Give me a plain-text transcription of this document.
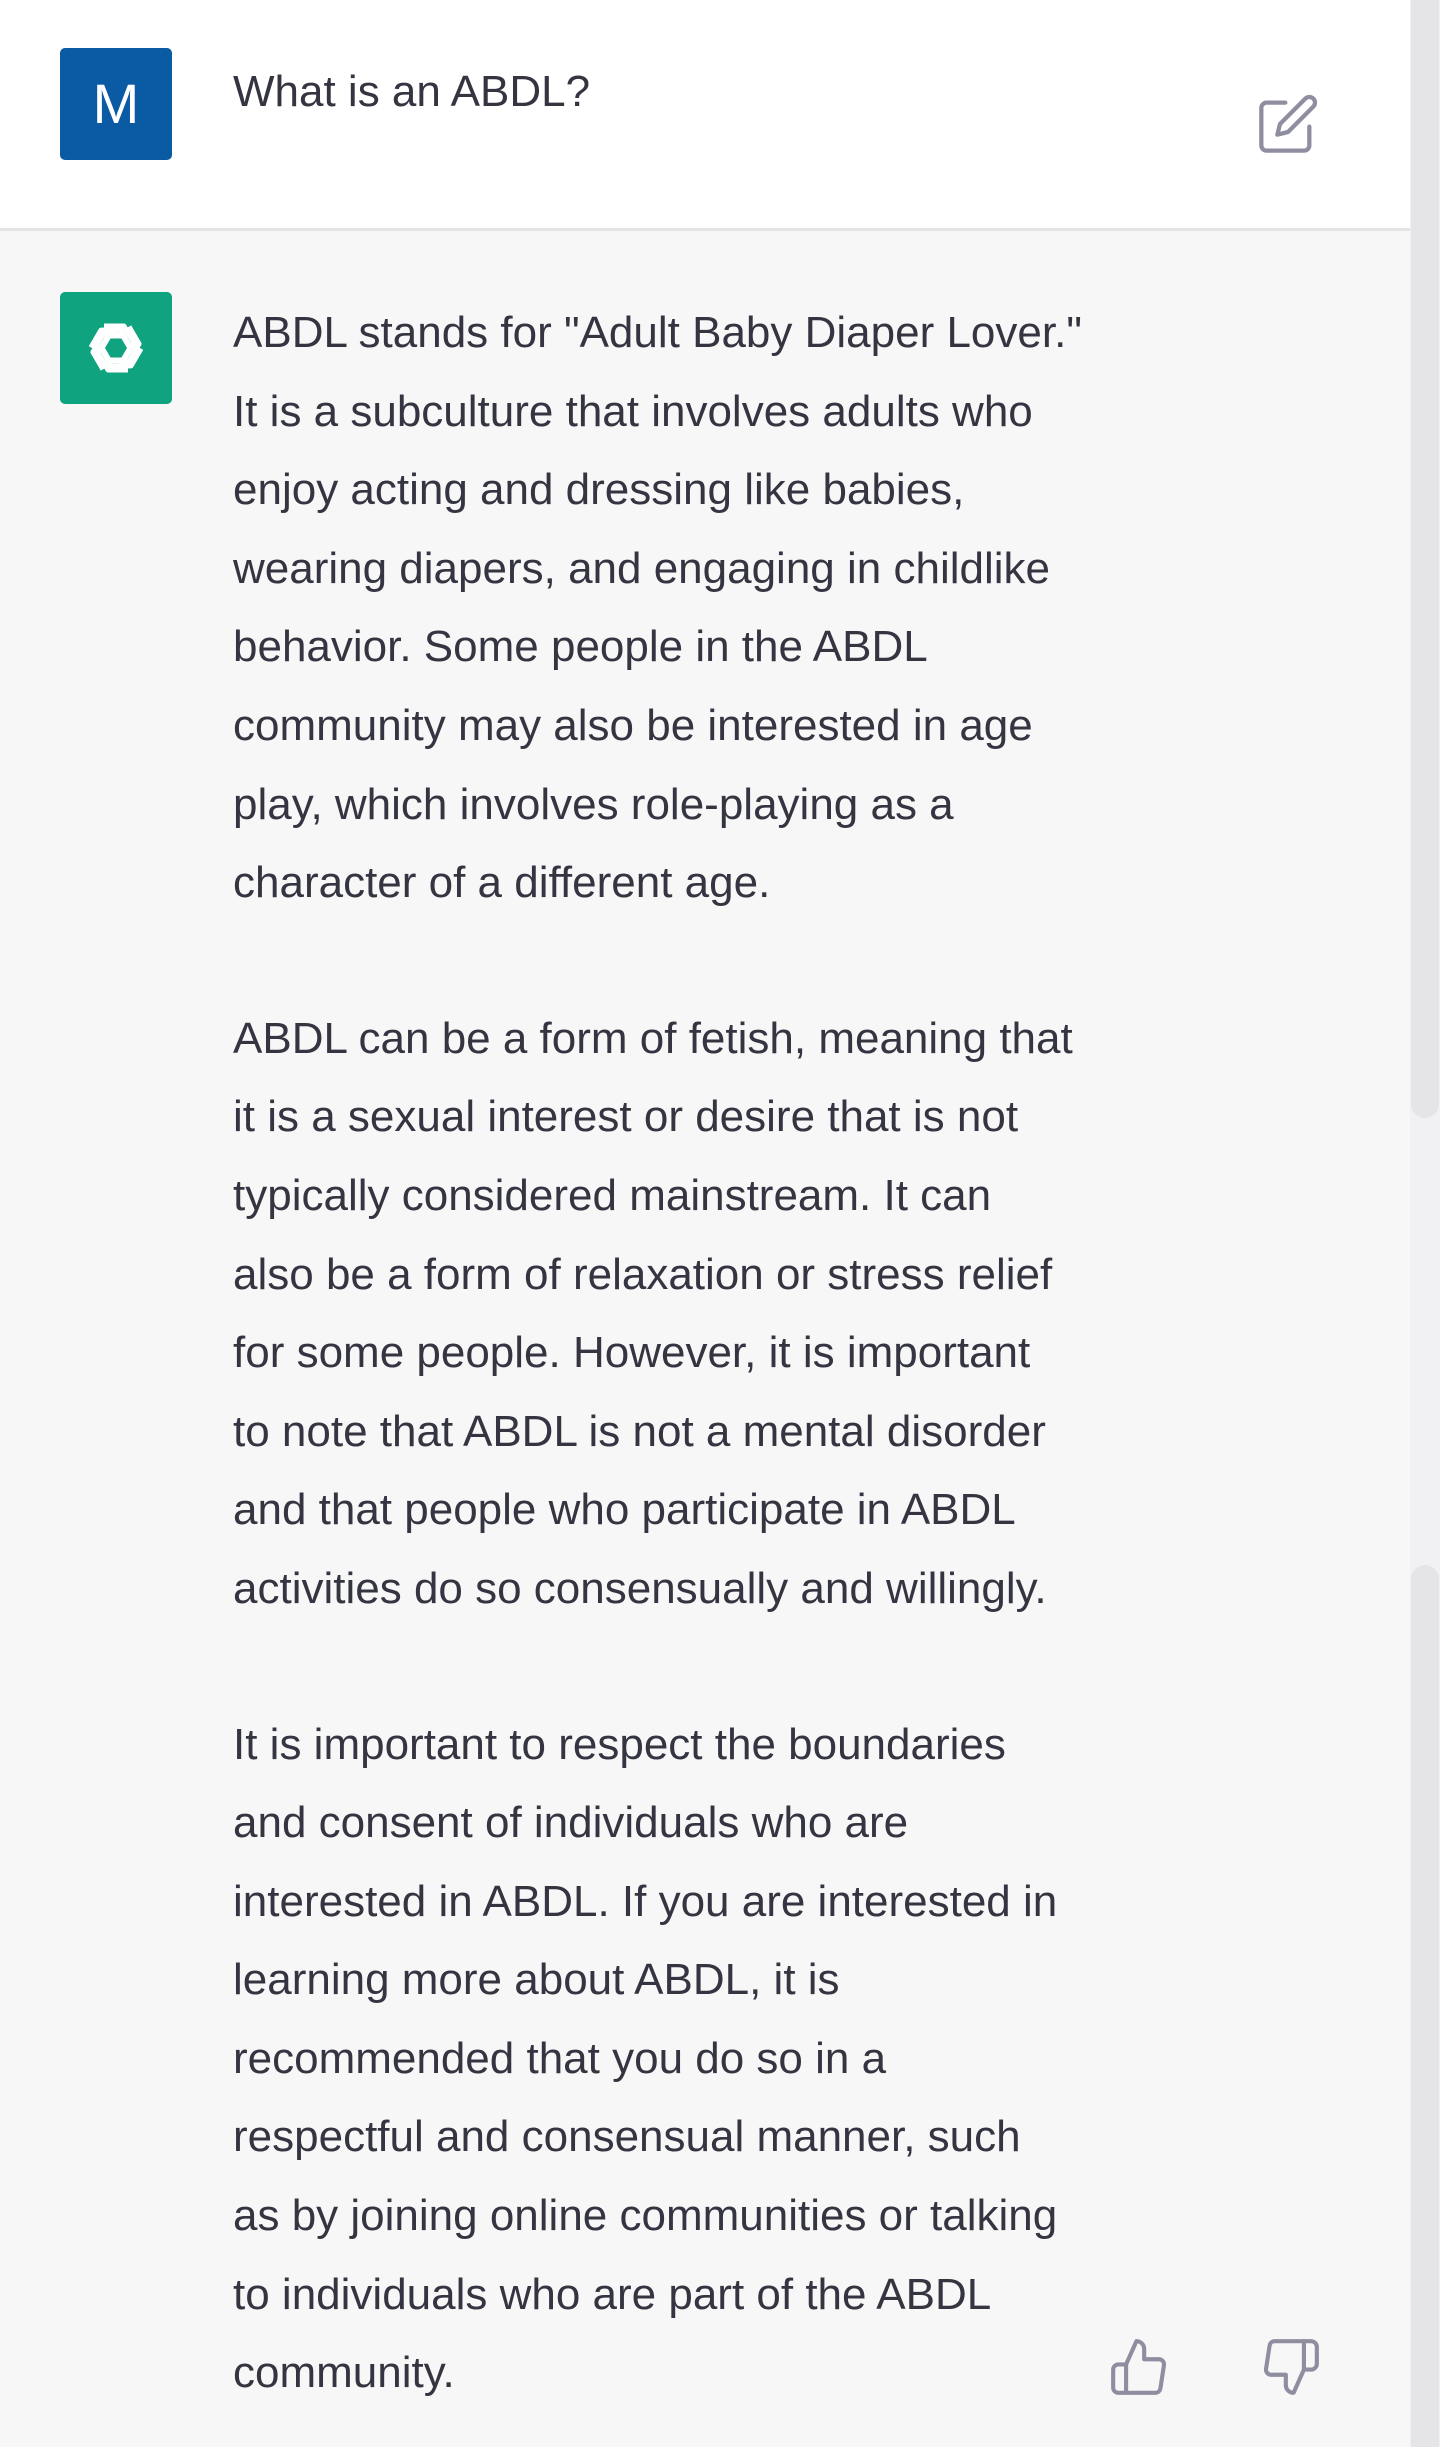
M	What is an ABDL?

ABDL stands for "Adult Baby Diaper Lover."
It is a subculture that involves adults who
enjoy acting and dressing like babies,
wearing diapers, and engaging in childlike
behavior. Some people in the ABDL
community may also be interested in age
play, which involves role-playing as a
character of a different age.

ABDL can be a form of fetish, meaning that
it is a sexual interest or desire that is not
typically considered mainstream. It can
also be a form of relaxation or stress relief
for some people. However, it is important
to note that ABDL is not a mental disorder
and that people who participate in ABDL
activities do so consensually and willingly.

It is important to respect the boundaries
and consent of individuals who are
interested in ABDL. If you are interested in
learning more about ABDL, it is
recommended that you do so in a
respectful and consensual manner, such
as by joining online communities or talking
to individuals who are part of the ABDL
community.
